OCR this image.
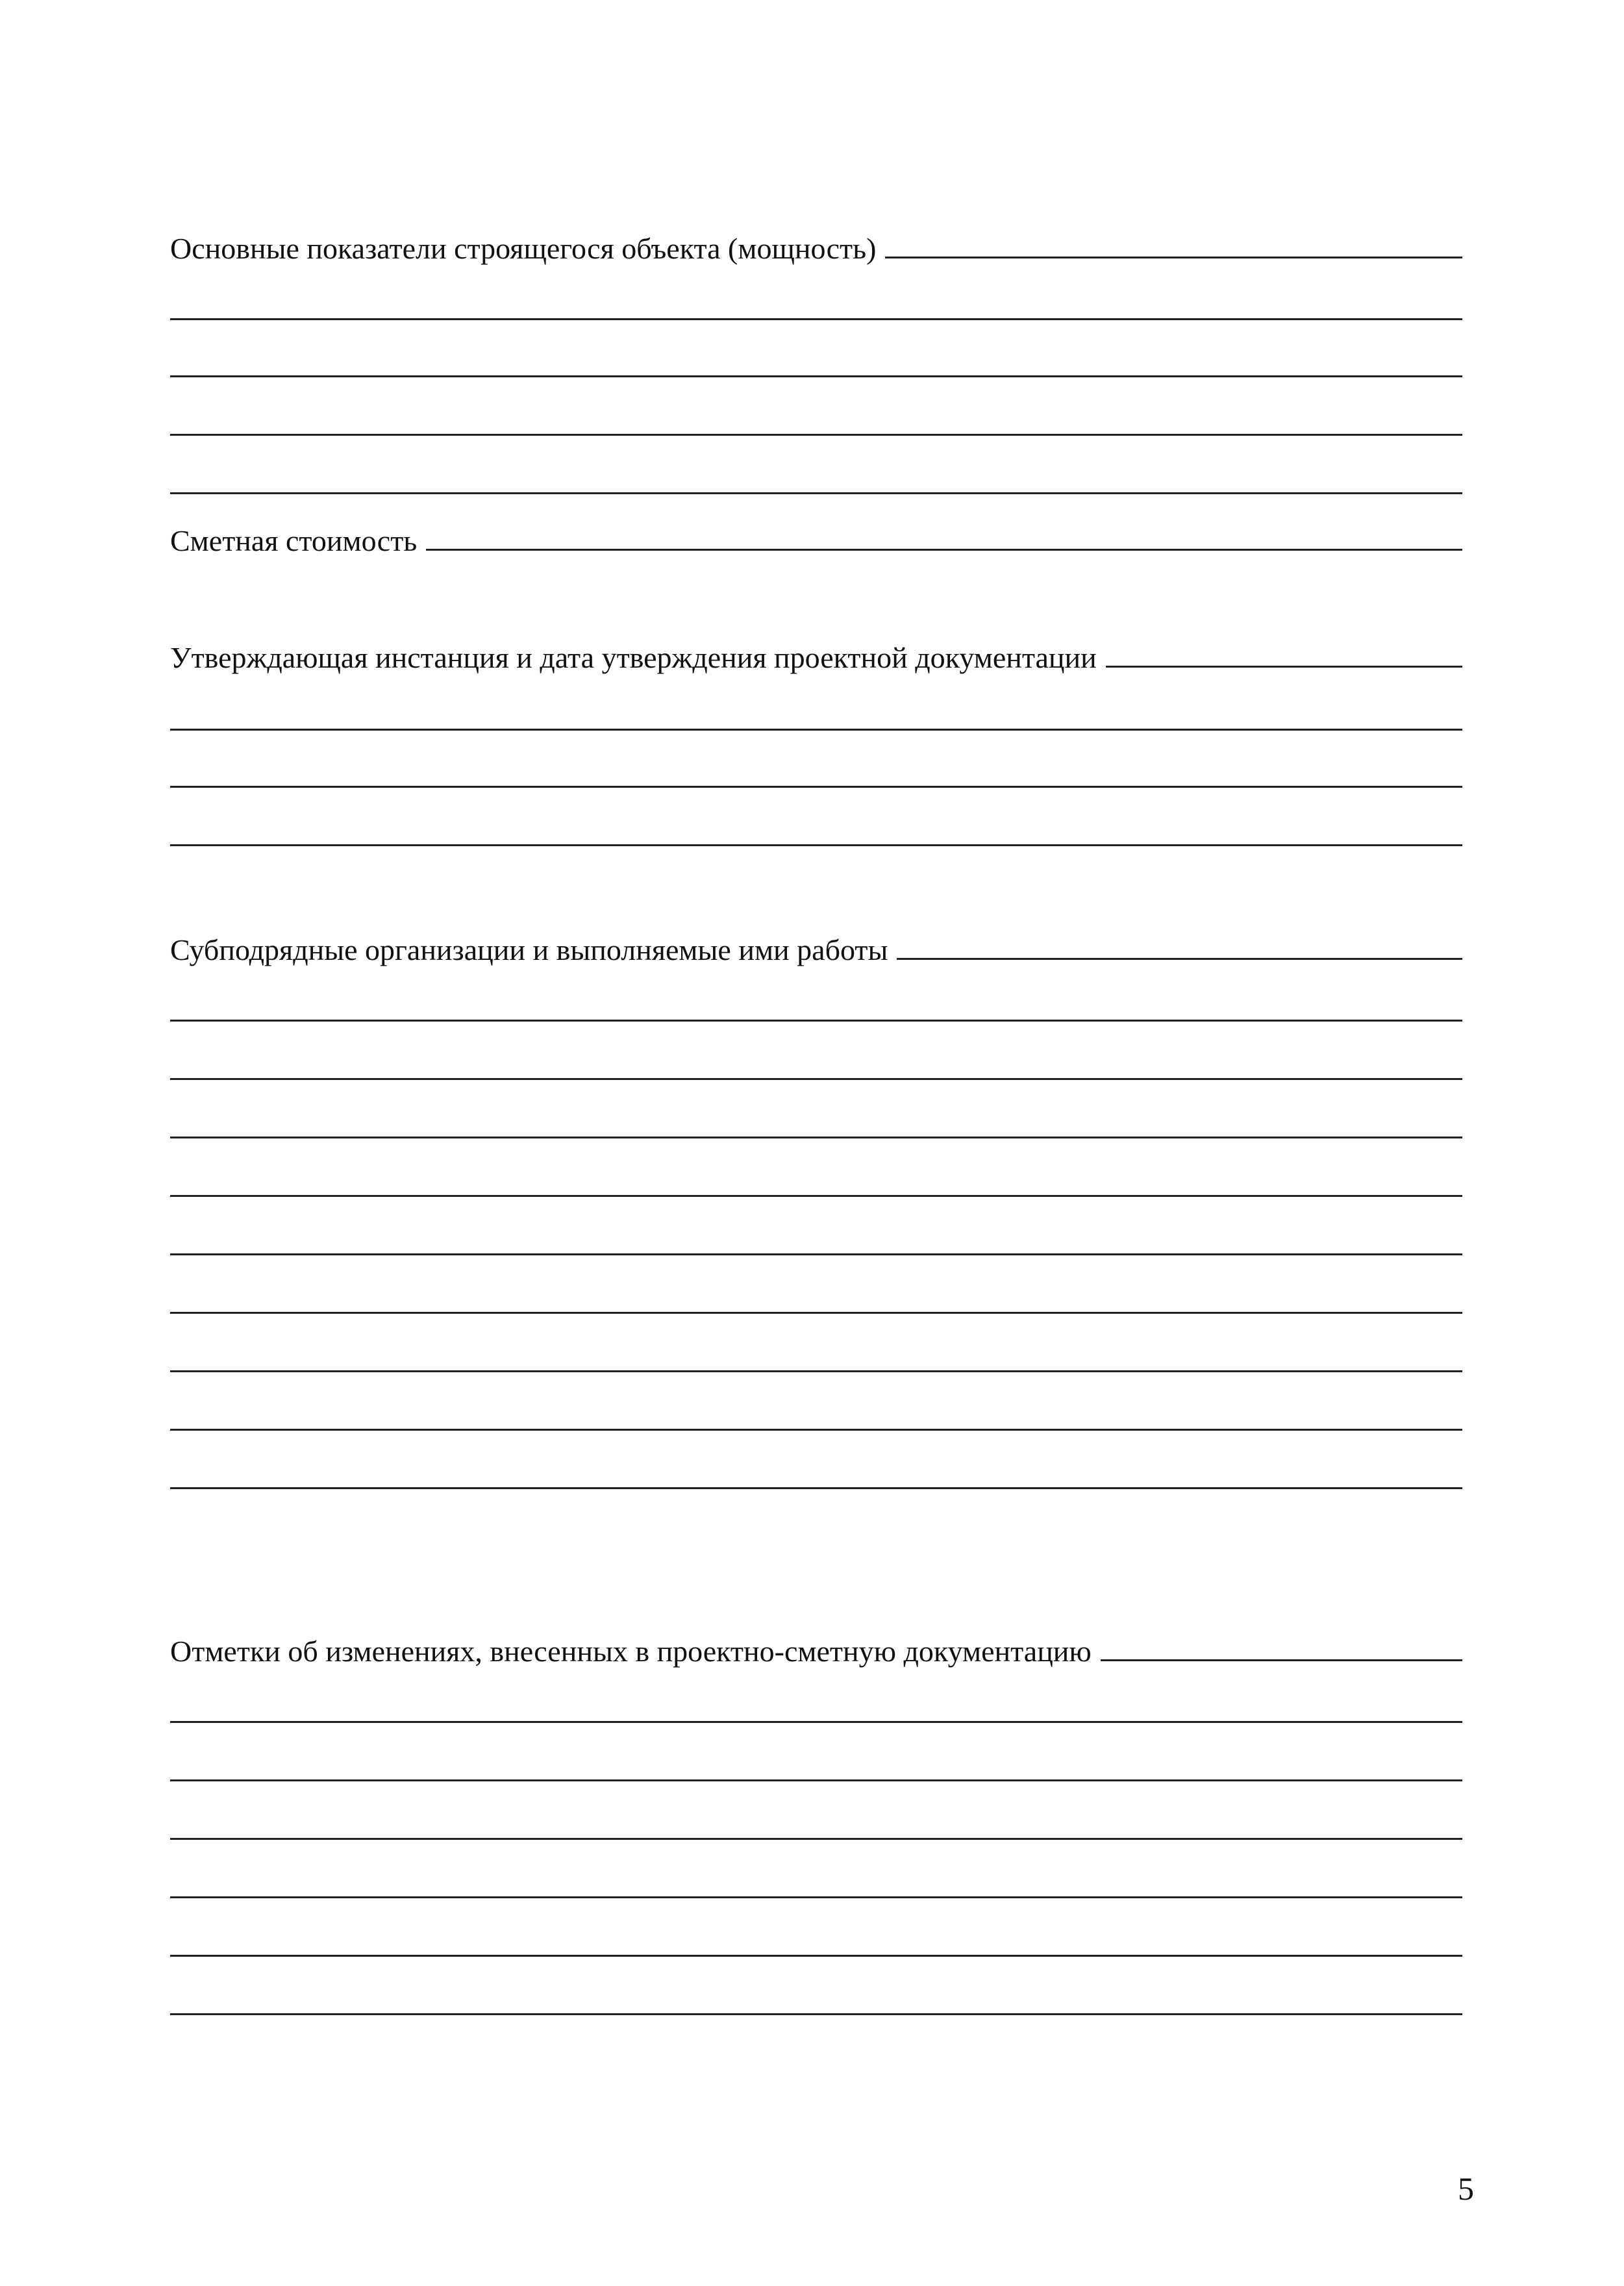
Основные показатели строящегося объекта (мощность)
Сметная стоимость
Утверждающая инстанция и дата утверждения проектной документации
Субподрядные организации и выполняемые ими работы
Отметки об изменениях, внесенных в проектно-сметную документацию
5
